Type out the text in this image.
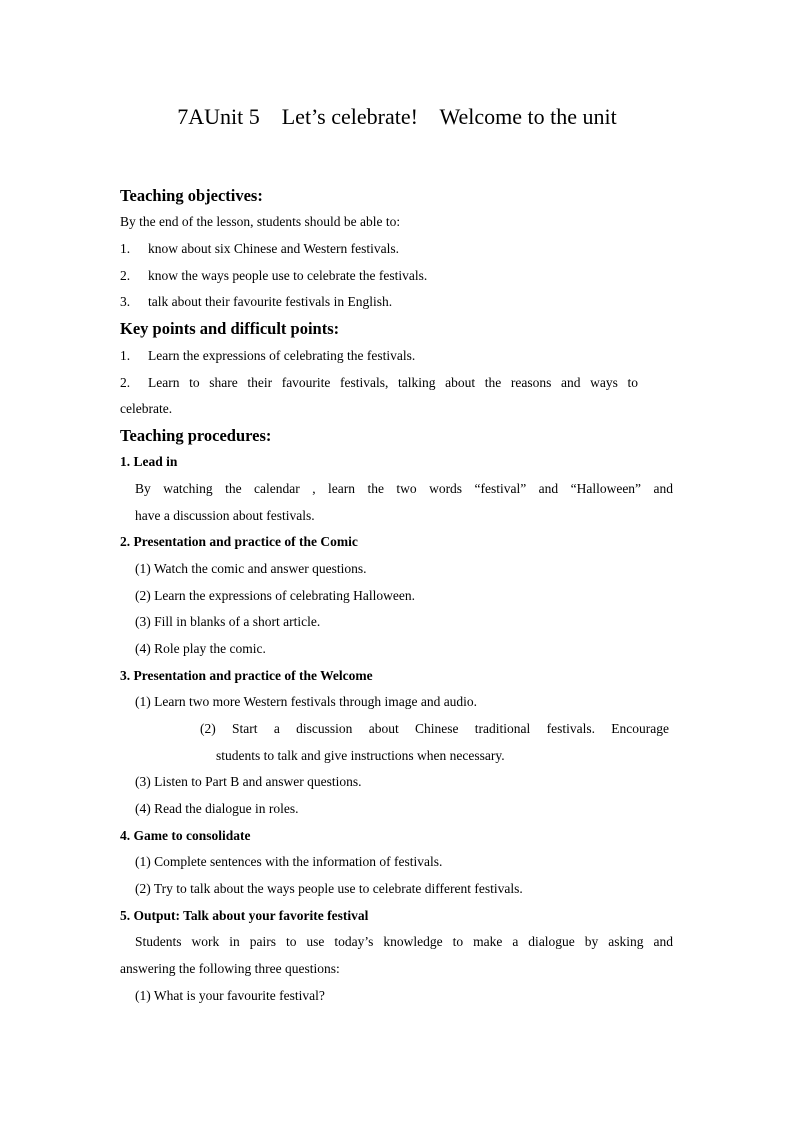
7AUnit 5    Let’s celebrate!    Welcome to the unit
Teaching objectives:
By the end of the lesson, students should be able to:
1. know about six Chinese and Western festivals.
2. know the ways people use to celebrate the festivals.
3. talk about their favourite festivals in English.
Key points and difficult points:
1. Learn the expressions of celebrating the festivals.
2. Learn to share their favourite festivals, talking about the reasons and ways to
celebrate.
Teaching procedures:
1. Lead in
By watching the calendar , learn the two words “festival” and “Halloween” and
have a discussion about festivals.
2. Presentation and practice of the Comic
(1) Watch the comic and answer questions.
(2) Learn the expressions of celebrating Halloween.
(3) Fill in blanks of a short article.
(4) Role play the comic.
3. Presentation and practice of the Welcome
(1) Learn two more Western festivals through image and audio.
(2) Start a discussion about Chinese traditional festivals. Encourage
students to talk and give instructions when necessary.
(3) Listen to Part B and answer questions.
(4) Read the dialogue in roles.
4. Game to consolidate
(1) Complete sentences with the information of festivals.
(2) Try to talk about the ways people use to celebrate different festivals.
5. Output: Talk about your favorite festival
Students work in pairs to use today’s knowledge to make a dialogue by asking and
answering the following three questions:
(1) What is your favourite festival?
